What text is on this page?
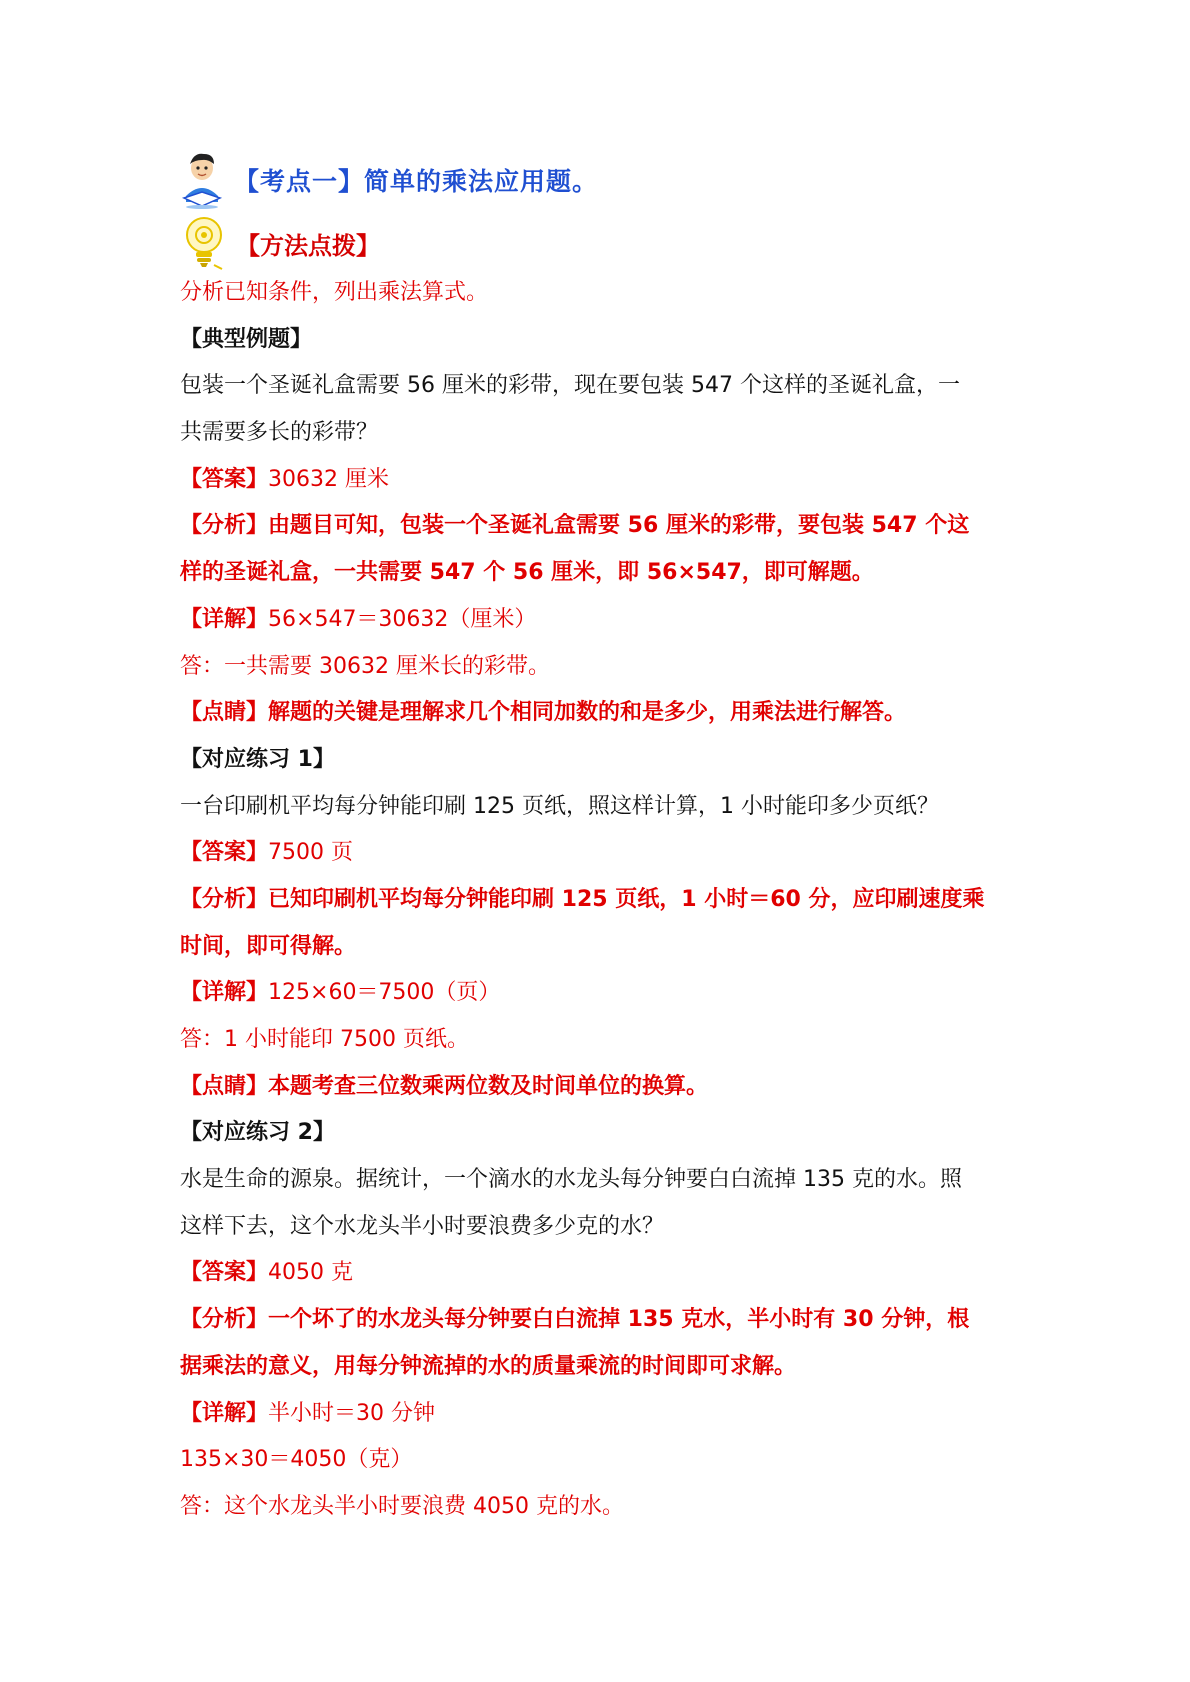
【考点一】简单的乘法应用题。
【方法点拨】
分析已知条件，列出乘法算式。
【典型例题】
包装一个圣诞礼盒需要 56 厘米的彩带，现在要包装 547 个这样的圣诞礼盒，一
共需要多长的彩带？
【答案】30632 厘米
【分析】由题目可知，包装一个圣诞礼盒需要 56 厘米的彩带，要包装 547 个这
样的圣诞礼盒，一共需要 547 个 56 厘米，即 56×547，即可解题。
【详解】56×547＝30632（厘米）
答：一共需要 30632 厘米长的彩带。
【点睛】解题的关键是理解求几个相同加数的和是多少，用乘法进行解答。
【对应练习 1】
一台印刷机平均每分钟能印刷 125 页纸，照这样计算，1 小时能印多少页纸？
【答案】7500 页
【分析】已知印刷机平均每分钟能印刷 125 页纸，1 小时＝60 分，应印刷速度乘
时间，即可得解。
【详解】125×60＝7500（页）
答：1 小时能印 7500 页纸。
【点睛】本题考查三位数乘两位数及时间单位的换算。
【对应练习 2】
水是生命的源泉。据统计，一个滴水的水龙头每分钟要白白流掉 135 克的水。照
这样下去，这个水龙头半小时要浪费多少克的水？
【答案】4050 克
【分析】一个坏了的水龙头每分钟要白白流掉 135 克水，半小时有 30 分钟，根
据乘法的意义，用每分钟流掉的水的质量乘流的时间即可求解。
【详解】半小时＝30 分钟
135×30＝4050（克）
答：这个水龙头半小时要浪费 4050 克的水。
